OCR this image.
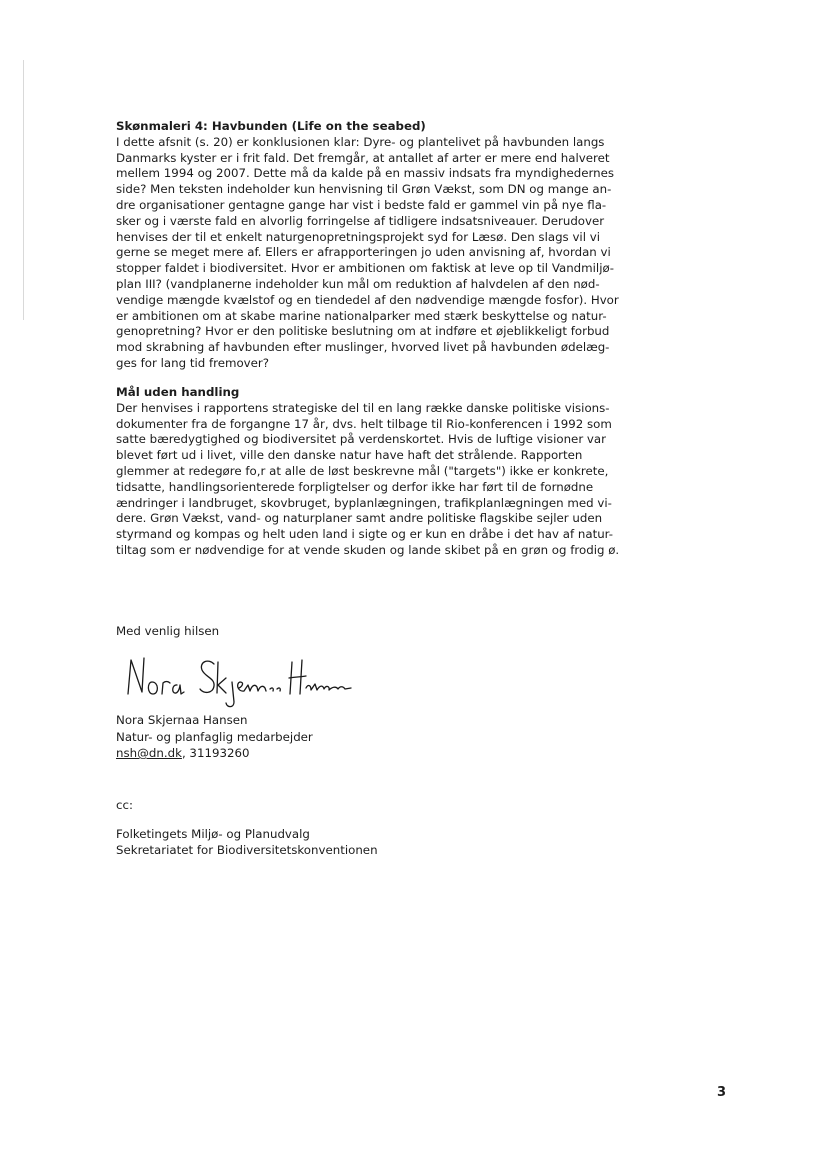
Skønmaleri 4: Havbunden (Life on the seabed)
I dette afsnit (s. 20) er konklusionen klar: Dyre- og plantelivet på havbunden langs
Danmarks kyster er i frit fald. Det fremgår, at antallet af arter er mere end halveret
mellem 1994 og 2007. Dette må da kalde på en massiv indsats fra myndighedernes
side? Men teksten indeholder kun henvisning til Grøn Vækst, som DN og mange an-
dre organisationer gentagne gange har vist i bedste fald er gammel vin på nye fla-
sker og i værste fald en alvorlig forringelse af tidligere indsatsniveauer. Derudover
henvises der til et enkelt naturgenopretningsprojekt syd for Læsø. Den slags vil vi
gerne se meget mere af. Ellers er afrapporteringen jo uden anvisning af, hvordan vi
stopper faldet i biodiversitet. Hvor er ambitionen om faktisk at leve op til Vandmiljø-
plan III? (vandplanerne indeholder kun mål om reduktion af halvdelen af den nød-
vendige mængde kvælstof og en tiendedel af den nødvendige mængde fosfor). Hvor
er ambitionen om at skabe marine nationalparker med stærk beskyttelse og natur-
genopretning? Hvor er den politiske beslutning om at indføre et øjeblikkeligt forbud
mod skrabning af havbunden efter muslinger, hvorved livet på havbunden ødelæg-
ges for lang tid fremover?
Mål uden handling
Der henvises i rapportens strategiske del til en lang række danske politiske visions-
dokumenter fra de forgangne 17 år, dvs. helt tilbage til Rio-konferencen i 1992 som
satte bæredygtighed og biodiversitet på verdenskortet. Hvis de luftige visioner var
blevet ført ud i livet, ville den danske natur have haft det strålende. Rapporten
glemmer at redegøre fo,r at alle de løst beskrevne mål ("targets") ikke er konkrete,
tidsatte, handlingsorienterede forpligtelser og derfor ikke har ført til de fornødne
ændringer i landbruget, skovbruget, byplanlægningen, trafikplanlægningen med vi-
dere. Grøn Vækst, vand- og naturplaner samt andre politiske flagskibe sejler uden
styrmand og kompas og helt uden land i sigte og er kun en dråbe i det hav af natur-
tiltag som er nødvendige for at vende skuden og lande skibet på en grøn og frodig ø.
Med venlig hilsen
Nora Skjernaa Hansen
Natur- og planfaglig medarbejder
nsh@dn.dk, 31193260
cc:
Folketingets Miljø- og Planudvalg
Sekretariatet for Biodiversitetskonventionen
3
